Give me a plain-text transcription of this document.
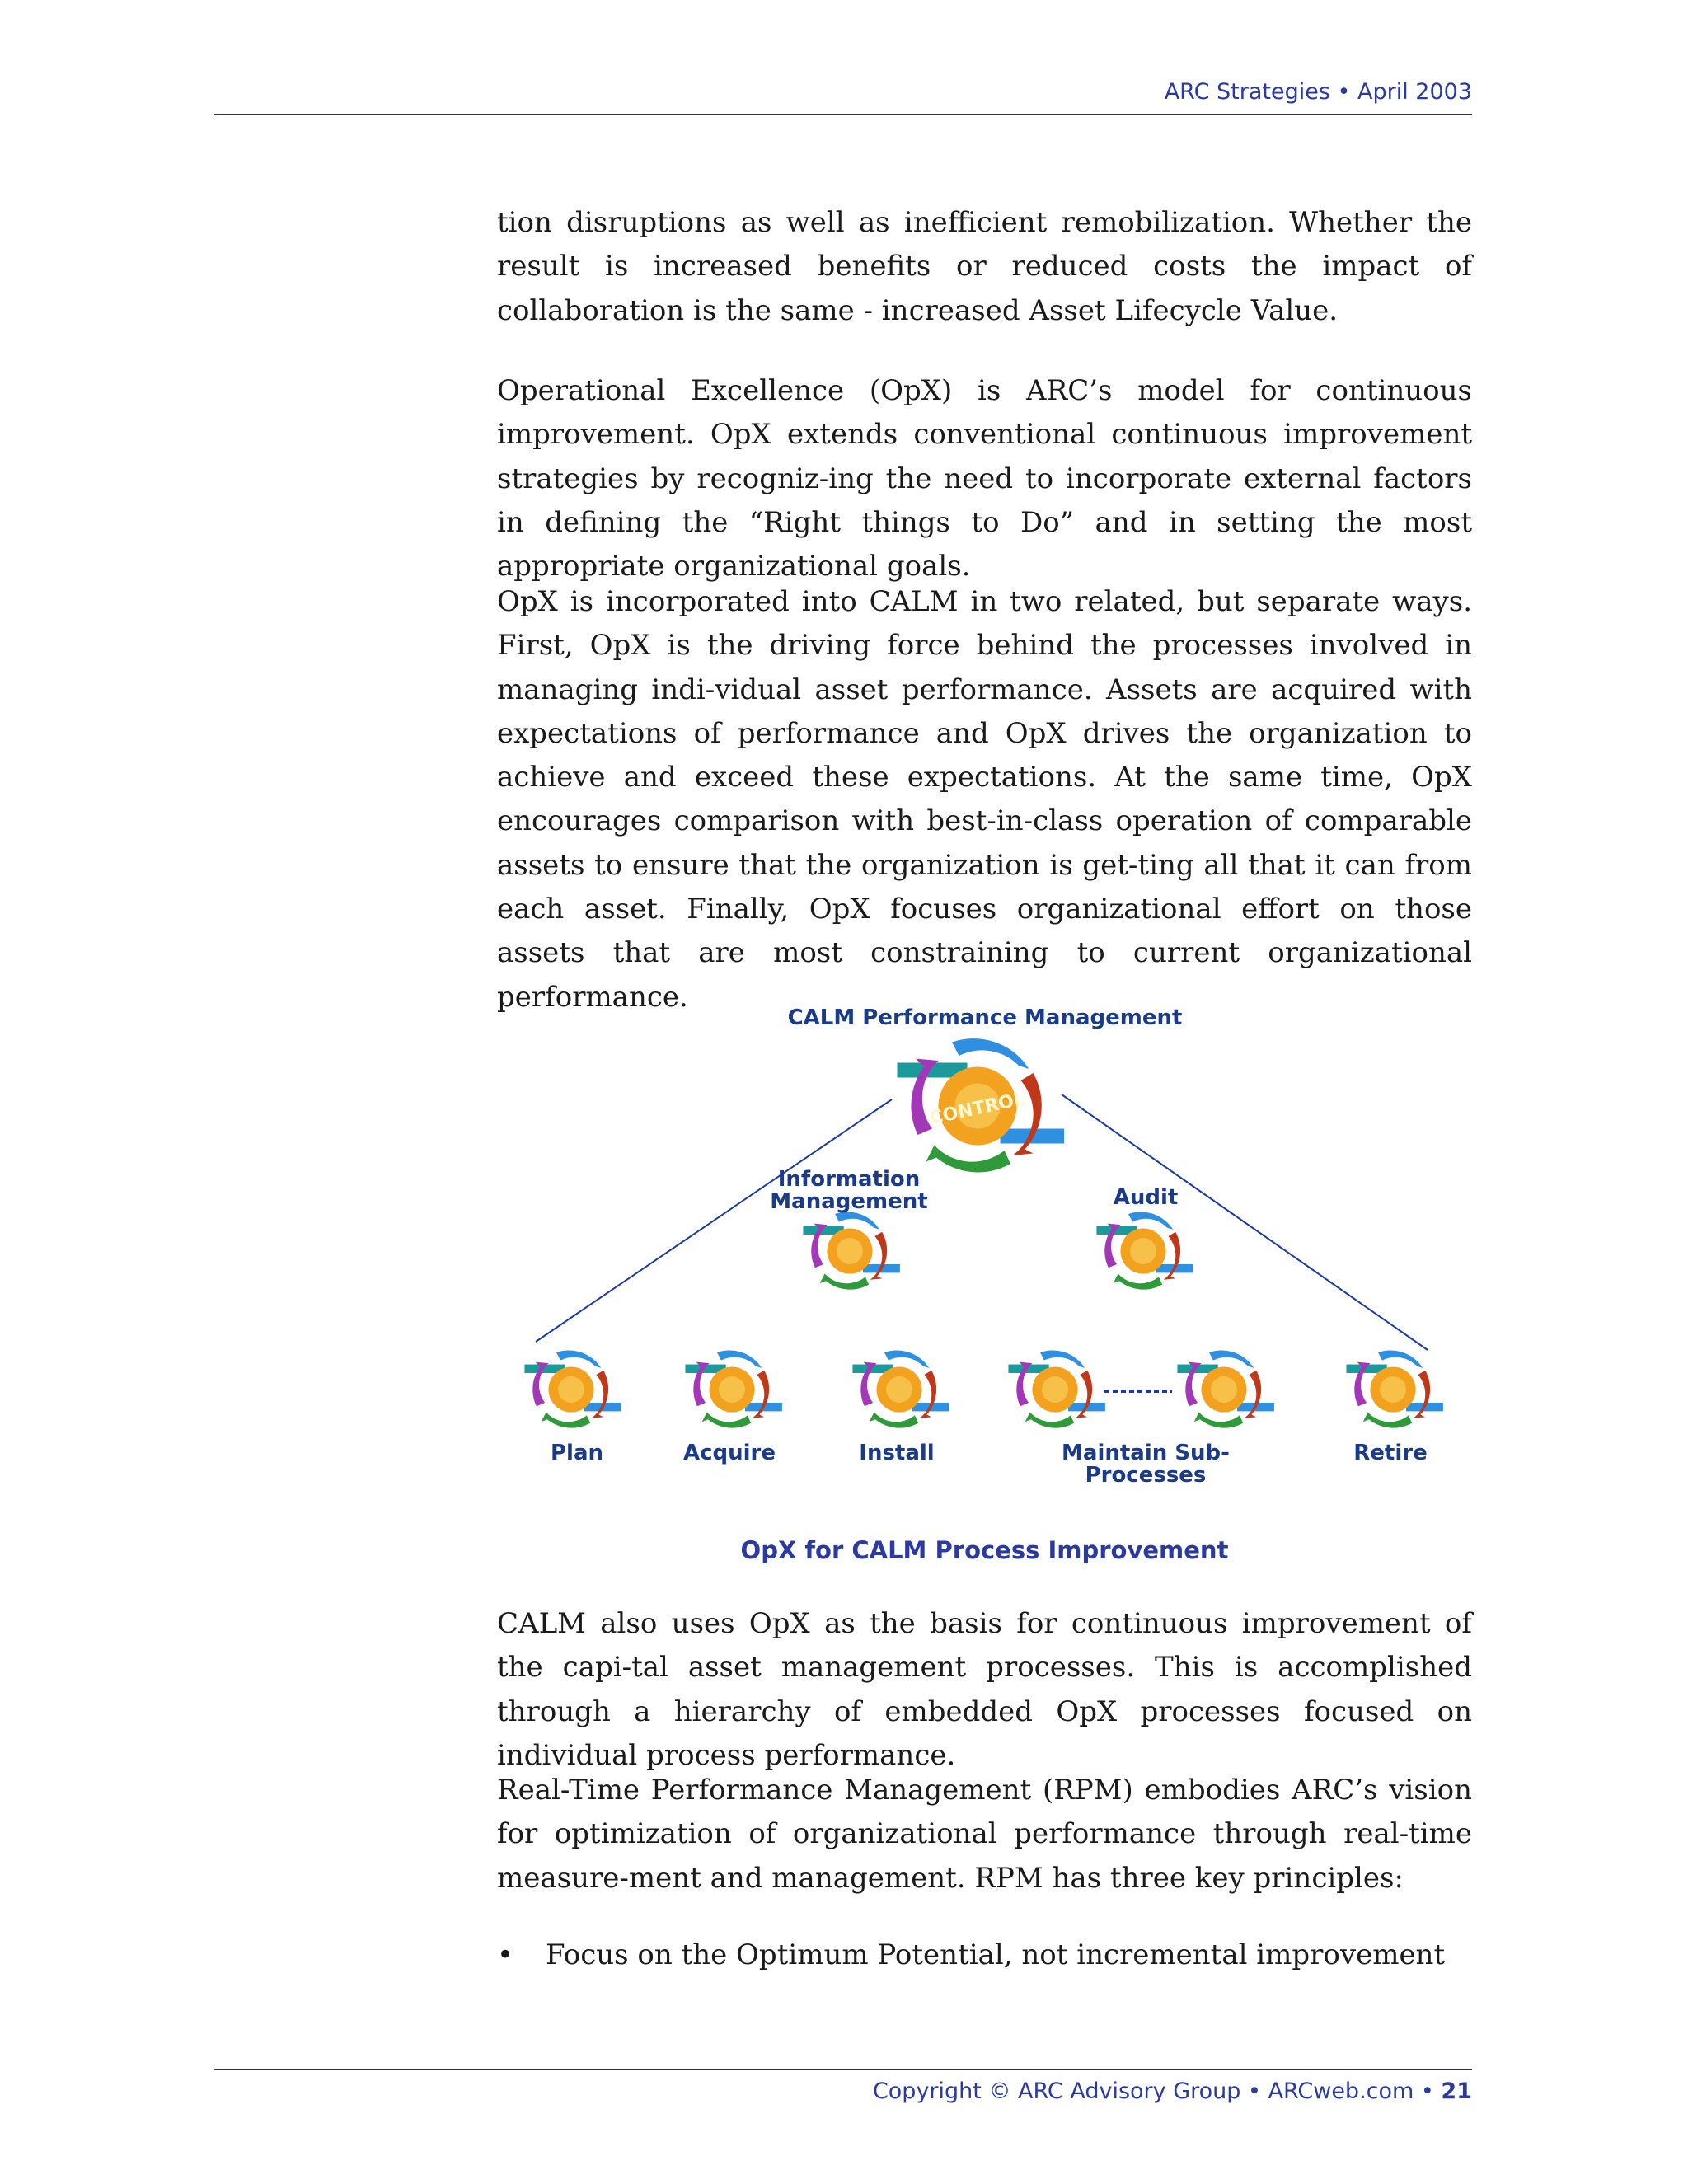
ARC Strategies • April 2003

tion disruptions as well as inefficient remobilization. Whether the result is increased benefits or reduced costs the impact of collaboration is the same - increased Asset Lifecycle Value.

Operational Excellence (OpX) is ARC’s model for continuous improvement. OpX extends conventional continuous improvement strategies by recogniz-ing the need to incorporate external factors in defining the “Right things to Do” and in setting the most appropriate organizational goals.

OpX is incorporated into CALM in two related, but separate ways. First, OpX is the driving force behind the processes involved in managing indi-vidual asset performance. Assets are acquired with expectations of performance and OpX drives the organization to achieve and exceed these expectations. At the same time, OpX encourages comparison with best-in-class operation of comparable assets to ensure that the organization is get-ting all that it can from each asset. Finally, OpX focuses organizational effort on those assets that are most constraining to current organizational performance.

CONTROL
CALM Performance Management
Information
Management	Audit
Plan	Acquire	Install	Maintain Sub-
Processes
Retire
OpX for CALM Process Improvement

CALM also uses OpX as the basis for continuous improvement of the capi-tal asset management processes. This is accomplished through a hierarchy of embedded OpX processes focused on individual process performance.

Real-Time Performance Management (RPM) embodies ARC’s vision for optimization of organizational performance through real-time measure-ment and management. RPM has three key principles:

• Focus on the Optimum Potential, not incremental improvement
Copyright © ARC Advisory Group • ARCweb.com • 21
